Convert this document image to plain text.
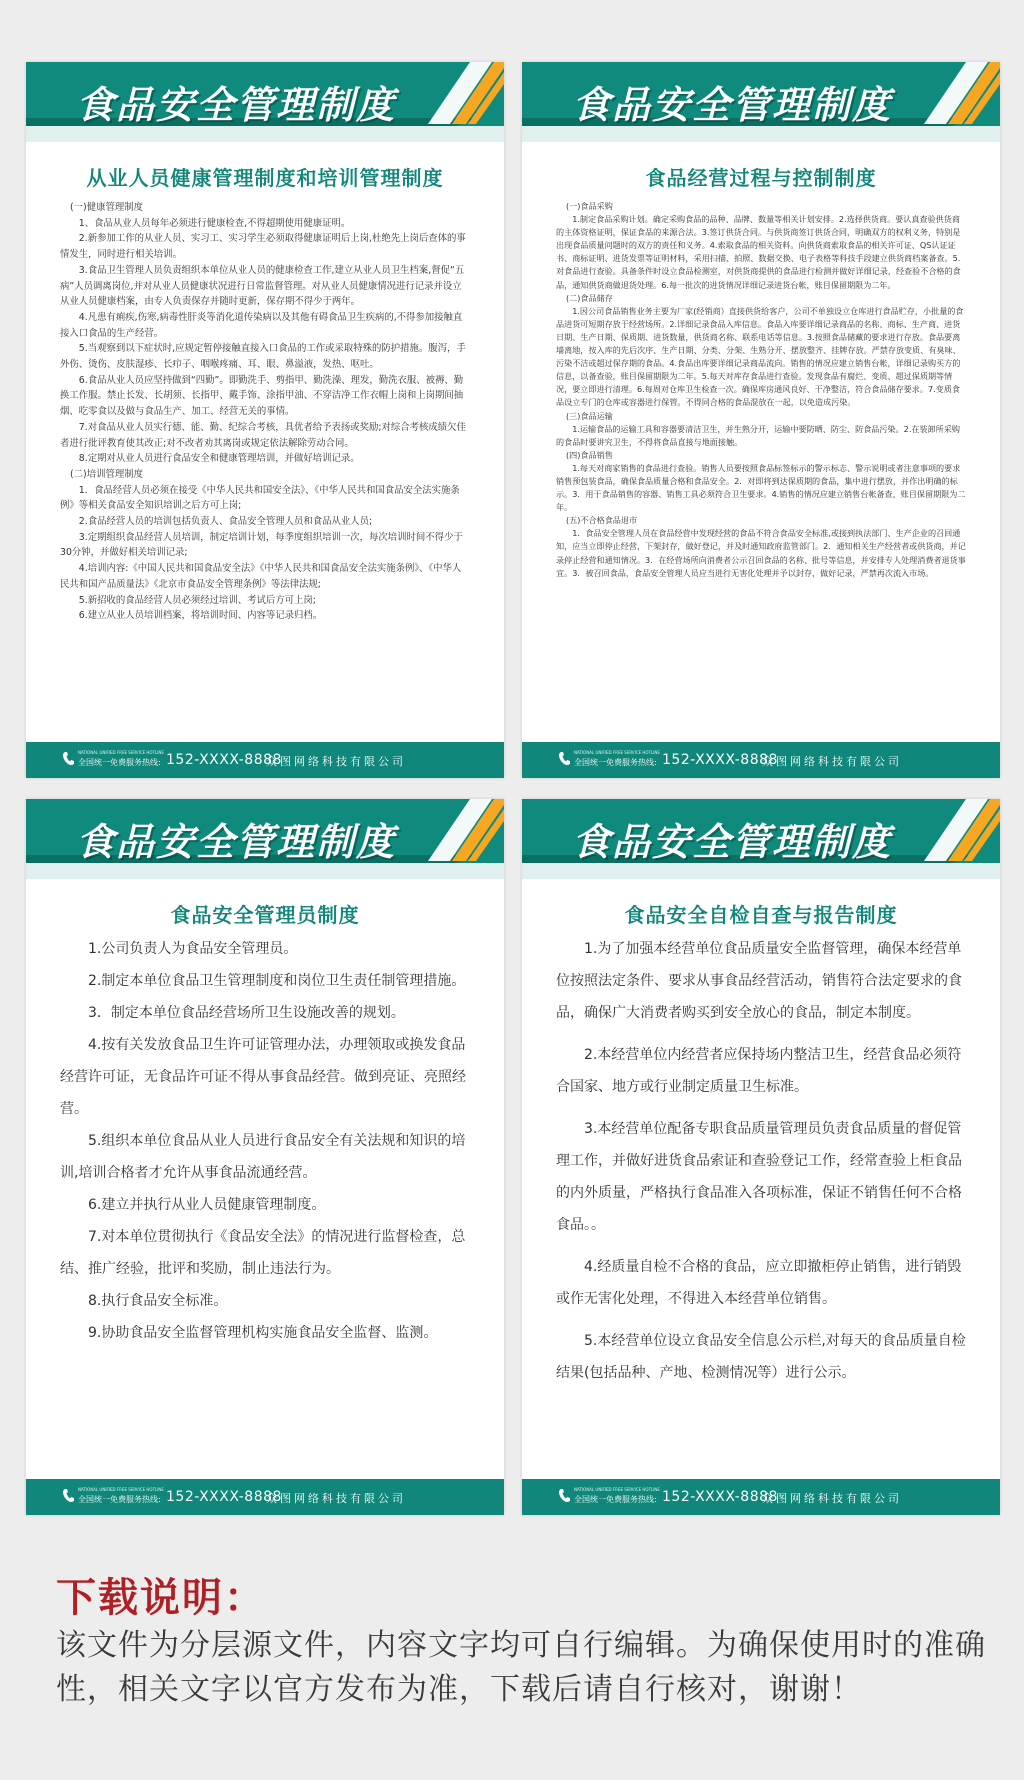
食品安全管理制度
从业人员健康管理制度和培训管理制度

(一)健康管理制度

1、食品从业人员每年必须进行健康检查,不得超期使用健康证明。

2.新参加工作的从业人员、实习工、实习学生必须取得健康证明后上岗,杜绝先上岗后查体的事情发生，同时进行相关培训。

3.食品卫生管理人员负责组织本单位从业人员的健康检查工作,建立从业人员卫生档案,督促“五病”人员调离岗位,并对从业人员健康状况进行日常监督管理。对从业人员健康情况进行记录并设立从业人员健康档案，由专人负责保存并随时更新，保存期不得少于两年。

4.凡患有痢疾,伤寒,病毒性肝炎等消化道传染病以及其他有碍食品卫生疾病的,不得参加接触直接入口食品的生产经营。

5.当观察到以下症状时,应规定暂停接触直接入口食品的工作或采取特殊的防护措施。腹泻，手外伤、烫伤、皮肤湿疹、长疖子、咽喉疼痛、耳、眼、鼻溢液，发热、呕吐。

6.食品从业人员应坚持做到“四勤”。即勤洗手、剪指甲、勤洗澡、理发，勤洗衣服、被褥、勤换工作服。禁止长发、长胡须、长指甲、戴手饰、涂指甲油、不穿洁净工作衣帽上岗和上岗期间抽烟、吃零食以及做与食品生产、加工、经营无关的事情。

7.对食品从业人员实行德、能、勤、纪综合考核，具优者给予表扬或奖励;对综合考核成绩欠佳者进行批评教育使其改正;对不改者劝其离岗或规定依法解除劳动合同。

8.定期对从业人员进行食品安全和健康管理培训，并做好培训记录。

(二)培训管理制度

1．食品经营人员必须在接受《中华人民共和国安全法》、《中华人民共和国食品安全法实施条例》等相关食品安全知识培训之后方可上岗;

2.食品经营人员的培训包括负责人、食品安全管理人员和食品从业人员;

3.定期组织食品经营人员培训，制定培训计划，每季度组织培训一次，每次培训时间不得少于30分钟，并做好相关培训记录;

4.培训内容:《中国人民共和国食品安全法》《中华人民共和国食品安全法实施条例》、《中华人民共和国产品质量法》《北京市食品安全管理条例》等法律法规;

5.新招收的食品经营人员必须经过培训、考试后方可上岗;

6.建立从业人员培训档案，将培训时间、内容等记录归档。

NATIONAL UNIFIED FREE SERVICE HOTLINE
全国统一免费服务热线: 152-XXXX-8888
众图网络科技有限公司
食品安全管理制度
食品经营过程与控制制度

(一)食品采购

1.制定食品采购计划。确定采购食品的品种、品牌、数量等相关计划安排。2.选择供货商。要认真查验供货商的主体资格证明，保证食品的来源合法。3.签订供货合同。与供货商签订供货合同，明确双方的权利义务，特别是出现食品质量问题时的双方的责任和义务。4.索取食品的相关资料。向供货商索取食品的相关许可证、QS认证证书、商标证明、进货发票等证明材料，采用扫描、拍照、数据交换、电子表格等科技手段建立供货商档案备查。5.对食品进行查验。具备条件时设立食品检测室，对供货商提供的食品进行检测并做好详细记录，经查验不合格的食品，通知供货商做退货处理。6.每一批次的进货情况详细记录进货台帐，账目保留期限为二年。

(二)食品储存

1.因公司食品销售业务主要为厂家(经销商）直接供货给客户，公司不单独设立仓库进行食品贮存，小批量的食品进货可短期存放于经营场所。2.详细记录食品入库信息。食品入库要详细记录商品的名称、商标、生产商、进货日期、生产日期、保质期、进货数量，供货商名称、联系电话等信息。3.按照食品储藏的要求进行存放。食品要离墙离地，按入库的先后次序、生产日期、分类、分架、生熟分开、摆放整齐、挂牌存放。严禁存放变质、有臭味、污染不洁或超过保存期的食品。4.食品出库要详细记录商品流向。销售的情况应建立销售台帐，详细记录购买方的信息，以备查验，账目保留期限为二年。5.每天对库存食品进行查验。发现食品有腐烂、变质、超过保质期等情况，要立即进行清理。6.每周对仓库卫生检查一次。确保库房通风良好、干净整洁，符合食品储存要求。7.变质食品设立专门的仓库或容器进行保管。不得同合格的食品混放在一起，以免造成污染。

(三)食品运输

1.运输食品的运输工具和容器要清洁卫生，并生熟分开，运输中要防晒、防尘、防食品污染。2.在装卸所采购的食品时要讲究卫生，不得将食品直接与地面接触。

(四)食品销售

1.每天对商家销售的食品进行查验。销售人员要按照食品标签标示的警示标志、警示说明或者注意事项的要求销售预包装食品，确保食品质量合格和食品安全。2．对即将到达保质期的食品，集中进行摆放，并作出明确的标示。3．用于食品销售的容器、销售工具必须符合卫生要求。4.销售的情况应建立销售台帐备查，账目保留期限为二年。

(五)不合格食品退市

1．食品安全管理人员在食品经营中发现经营的食品不符合食品安全标准,或接到执法部门、生产企业的召回通知，应当立即停止经营，下架封存，做好登记，并及时通知政府监管部门。2．通知相关生产经营者或供货商，并记录停止经营和通知情况。3．在经营场所向消费者公示召回食品的名称、批号等信息，并安排专人处理消费者退货事宜。3．被召回食品，食品安全管理人员应当进行无害化处理并予以封存，做好记录，严禁再次流入市场。

NATIONAL UNIFIED FREE SERVICE HOTLINE
全国统一免费服务热线: 152-XXXX-8888
众图网络科技有限公司
食品安全管理制度
食品安全管理员制度

1.公司负责人为食品安全管理员。

2.制定本单位食品卫生管理制度和岗位卫生责任制管理措施。

3．制定本单位食品经营场所卫生设施改善的规划。

4.按有关发放食品卫生许可证管理办法，办理领取或换发食品经营许可证，无食品许可证不得从事食品经营。做到亮证、亮照经营。

5.组织本单位食品从业人员进行食品安全有关法规和知识的培训,培训合格者才允许从事食品流通经营。

6.建立并执行从业人员健康管理制度。

7.对本单位贯彻执行《食品安全法》的情况进行监督检查，总结、推广经验，批评和奖励，制止违法行为。

8.执行食品安全标准。

9.协助食品安全监督管理机构实施食品安全监督、监测。

NATIONAL UNIFIED FREE SERVICE HOTLINE
全国统一免费服务热线: 152-XXXX-8888
众图网络科技有限公司
食品安全管理制度
食品安全自检自查与报告制度

1.为了加强本经营单位食品质量安全监督管理，确保本经营单位按照法定条件、要求从事食品经营活动，销售符合法定要求的食品，确保广大消费者购买到安全放心的食品，制定本制度。

2.本经营单位内经营者应保持场内整洁卫生，经营食品必须符合国家、地方或行业制定质量卫生标准。

3.本经营单位配备专职食品质量管理员负责食品质量的督促管理工作，并做好进货食品索证和查验登记工作，经常查验上柜食品的内外质量，严格执行食品准入各项标准，保证不销售任何不合格食品。。

4.经质量自检不合格的食品，应立即撤柜停止销售，进行销毁或作无害化处理，不得进入本经营单位销售。

5.本经营单位设立食品安全信息公示栏,对每天的食品质量自检结果(包括品种、产地、检测情况等）进行公示。

NATIONAL UNIFIED FREE SERVICE HOTLINE
全国统一免费服务热线: 152-XXXX-8888
众图网络科技有限公司
下载说明：
该文件为分层源文件，内容文字均可自行编辑。为确保使用时的准确性，相关文字以官方发布为准，下载后请自行核对，谢谢！
